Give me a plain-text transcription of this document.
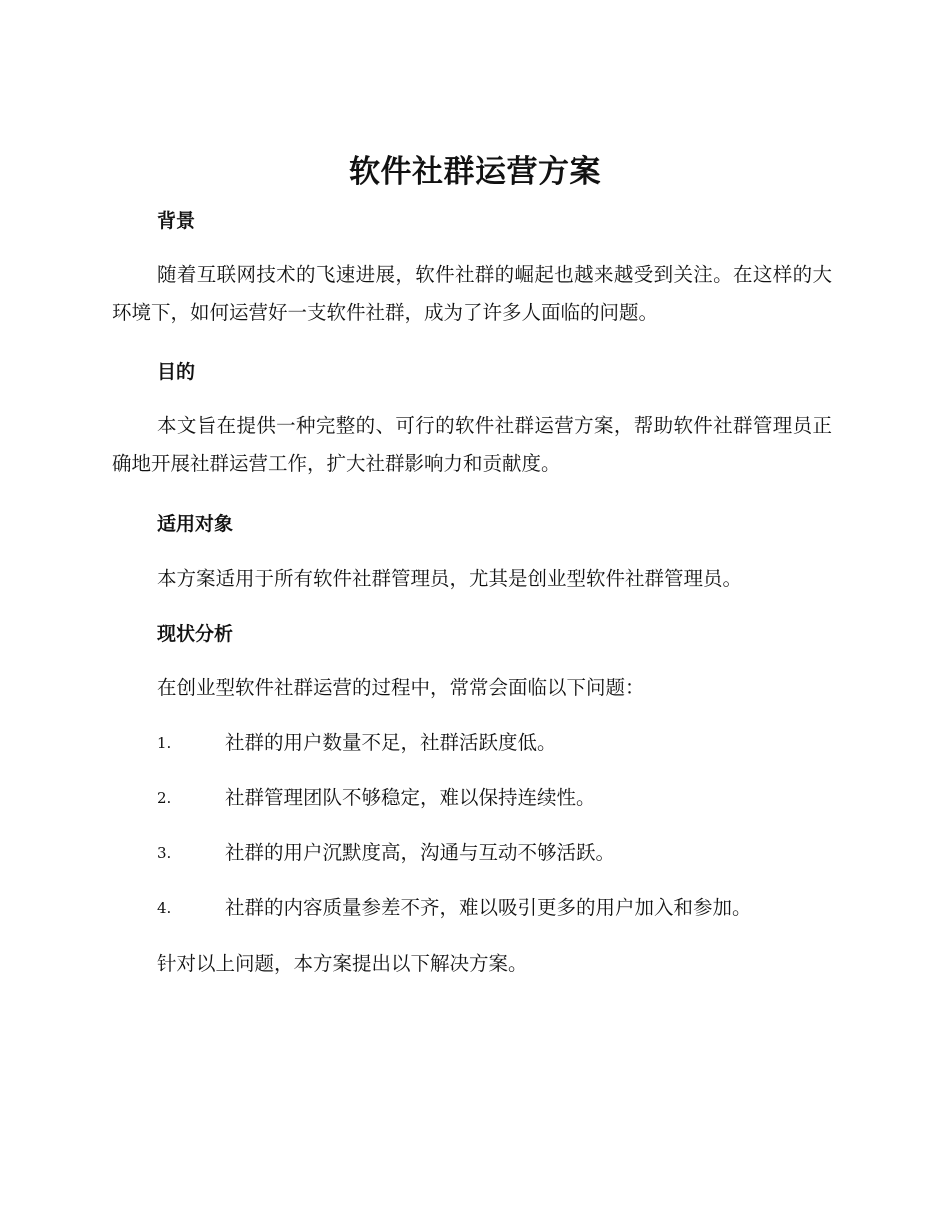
软件社群运营方案
背景
随着互联网技术的飞速进展，软件社群的崛起也越来越受到关注。在这样的大环境下，如何运营好一支软件社群，成为了许多人面临的问题。
目的
本文旨在提供一种完整的、可行的软件社群运营方案，帮助软件社群管理员正确地开展社群运营工作，扩大社群影响力和贡献度。
适用对象
本方案适用于所有软件社群管理员，尤其是创业型软件社群管理员。
现状分析
在创业型软件社群运营的过程中，常常会面临以下问题：
1.	社群的用户数量不足，社群活跃度低。
2.	社群管理团队不够稳定，难以保持连续性。
3.	社群的用户沉默度高，沟通与互动不够活跃。
4.	社群的内容质量参差不齐，难以吸引更多的用户加入和参加。
针对以上问题，本方案提出以下解决方案。
